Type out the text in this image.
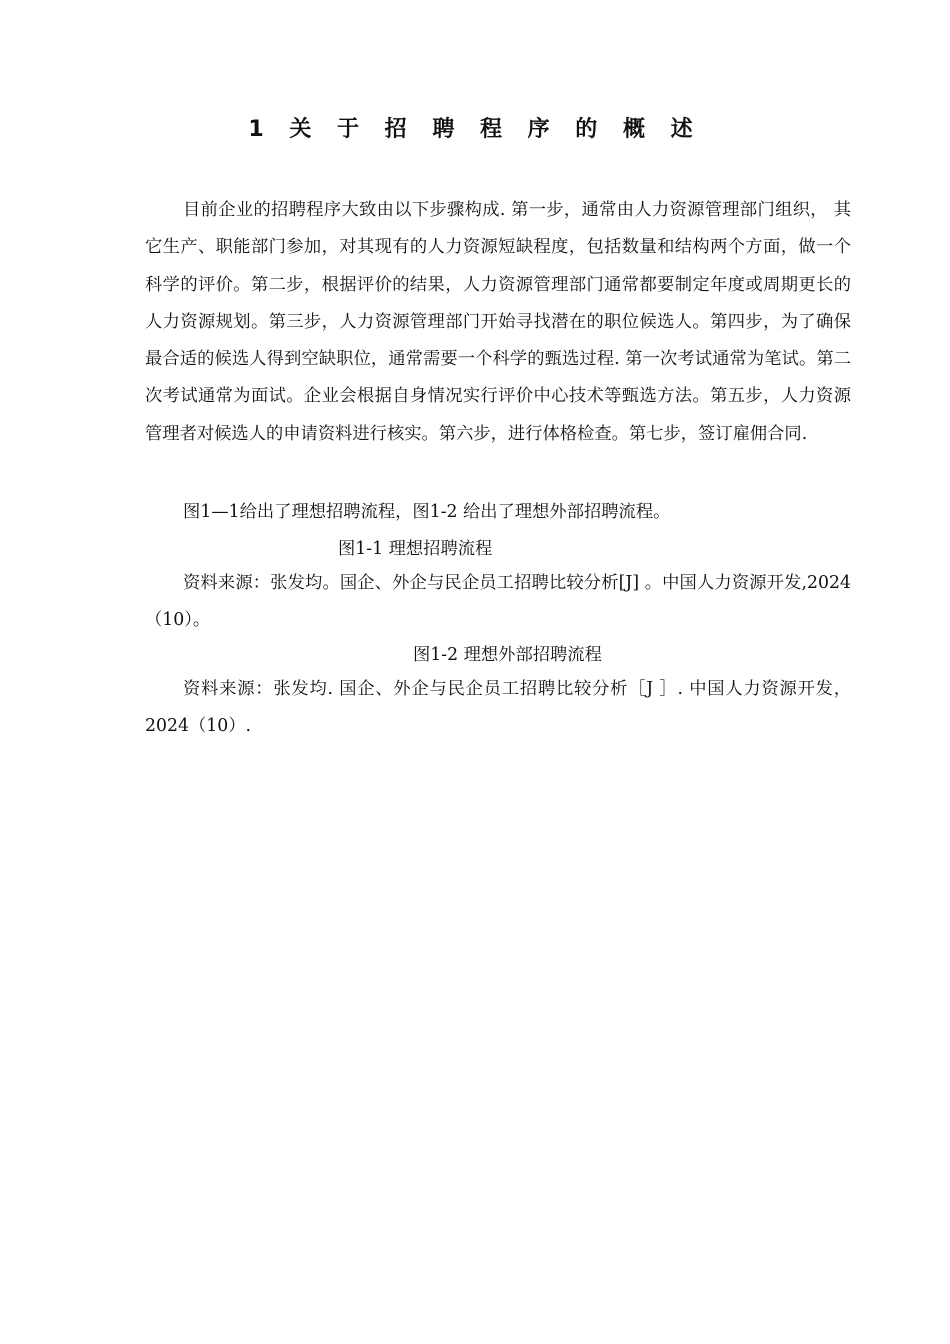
1 关 于 招 聘 程 序 的 概 述
目前企业的招聘程序大致由以下步骤构成. 第一步，通常由人力资源管理部门组织， 其它生产、职能部门参加，对其现有的人力资源短缺程度，包括数量和结构两个方面，做一个科学的评价。第二步，根据评价的结果，人力资源管理部门通常都要制定年度或周期更长的人力资源规划。第三步，人力资源管理部门开始寻找潜在的职位候选人。第四步，为了确保最合适的候选人得到空缺职位，通常需要一个科学的甄选过程. 第一次考试通常为笔试。第二次考试通常为面试。企业会根据自身情况实行评价中心技术等甄选方法。第五步，人力资源管理者对候选人的申请资料进行核实。第六步，进行体格检查。第七步，签订雇佣合同.
图1—1给出了理想招聘流程，图1-2 给出了理想外部招聘流程。
图1-1 理想招聘流程
资料来源：张发均。国企、外企与民企员工招聘比较分析[J] 。中国人力资源开发,2024 （10）。
图1-2 理想外部招聘流程
资料来源：张发均. 国企、外企与民企员工招聘比较分析［J ］. 中国人力资源开发，2024（10）.
